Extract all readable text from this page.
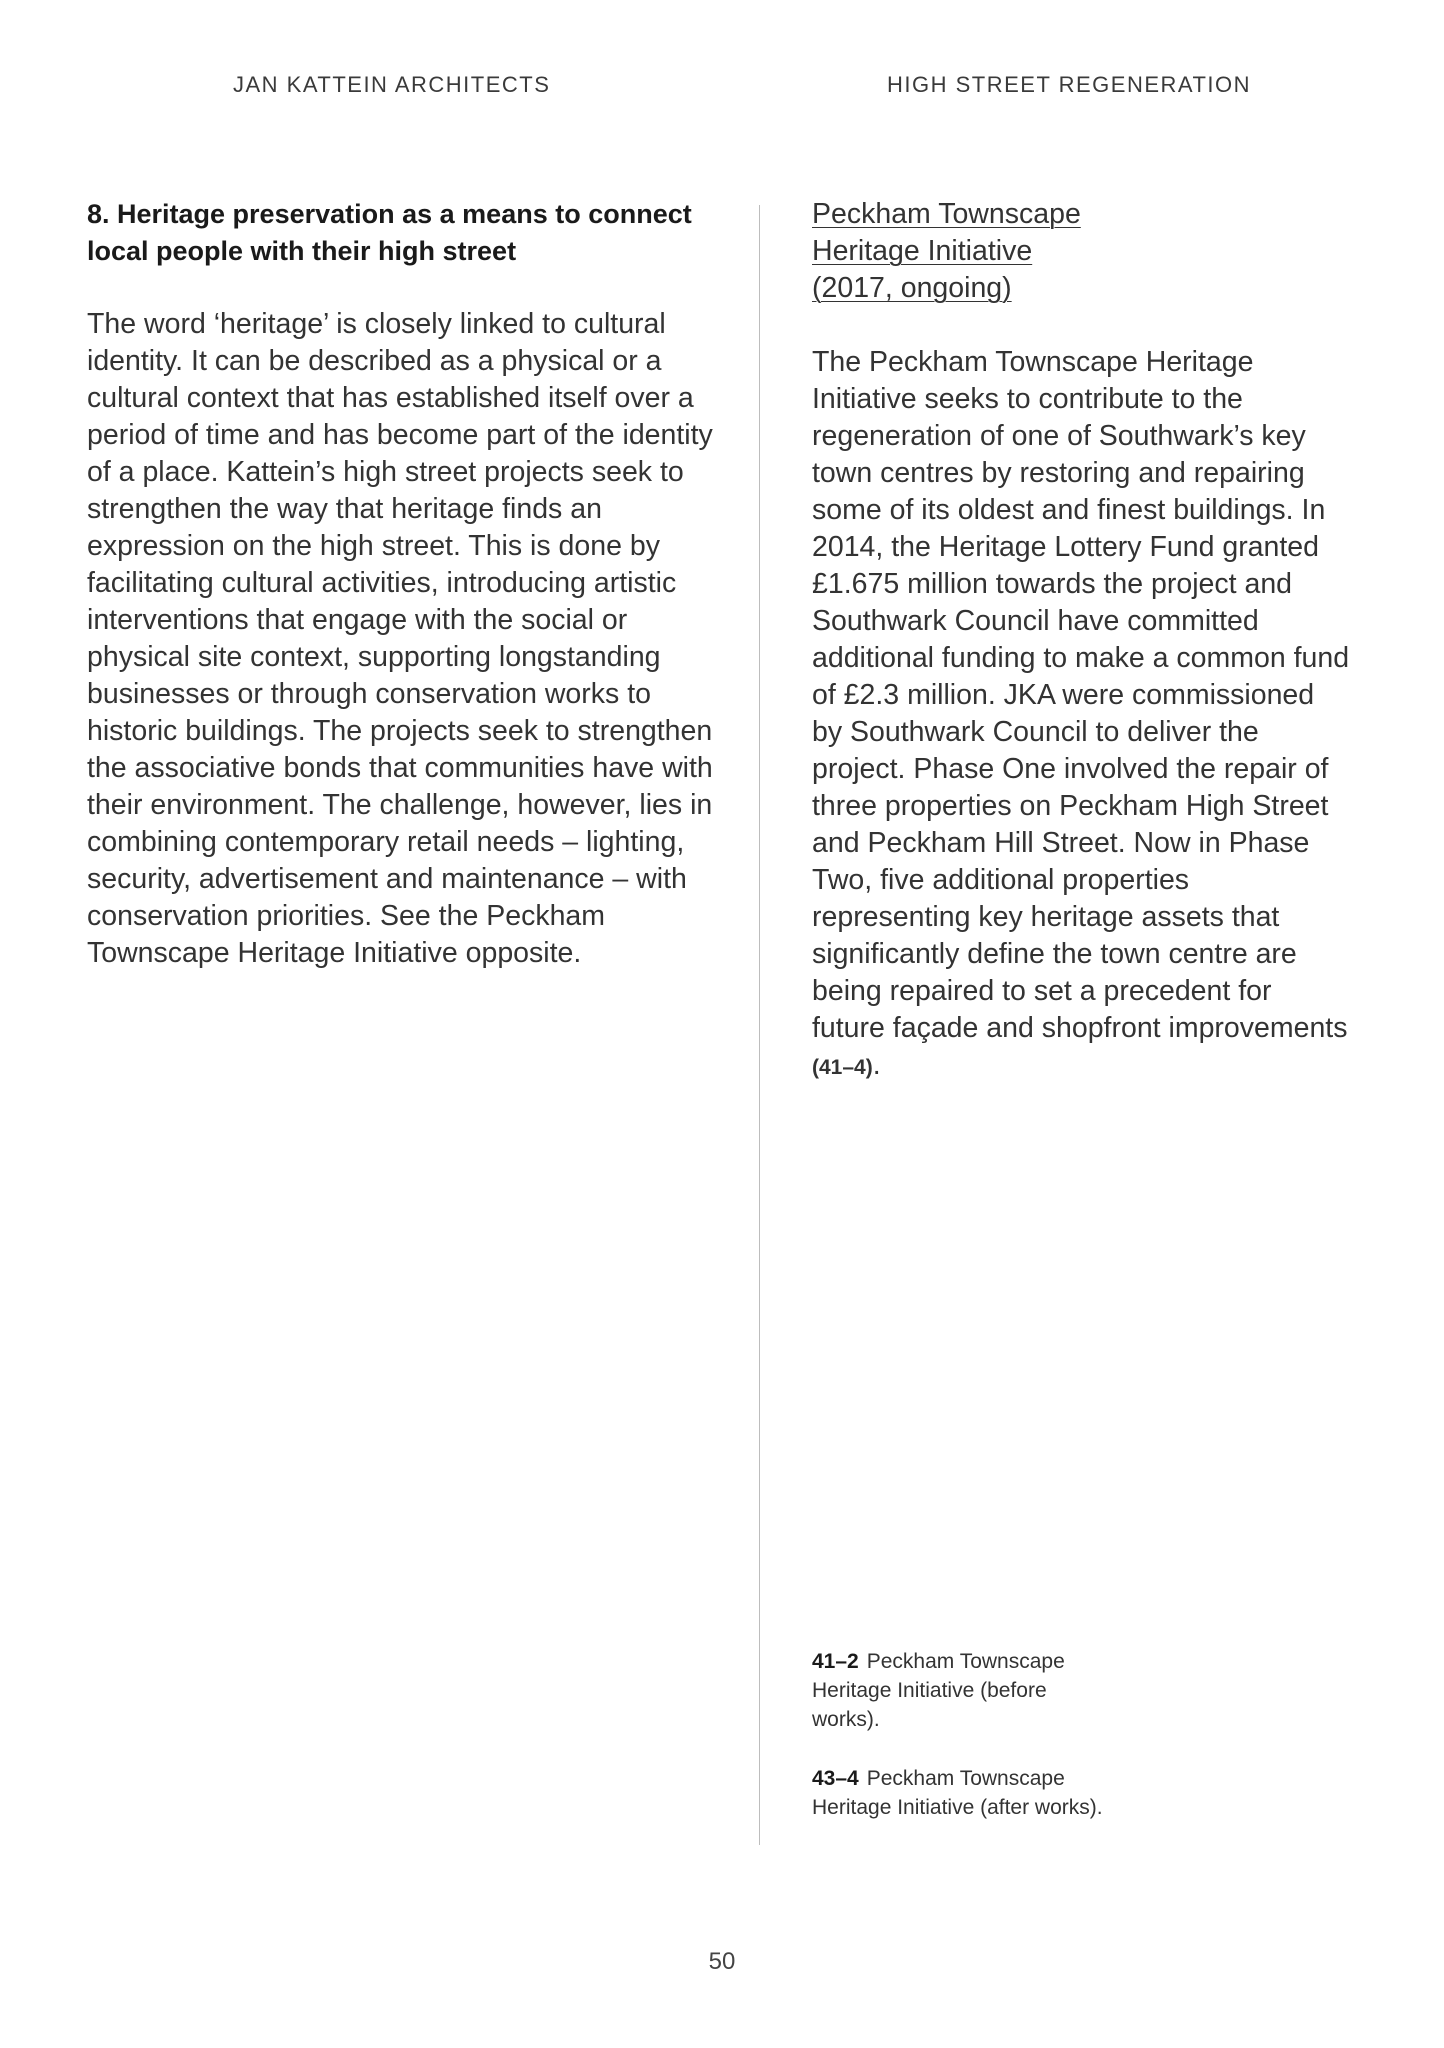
JAN KATTEIN ARCHITECTS	HIGH STREET REGENERATION
8. Heritage preservation as a means to connect local people with their high street

The word ‘heritage’ is closely linked to cultural identity. It can be described as a physical or a cultural context that has established itself over a period of time and has become part of the identity of a place. Kattein’s high street projects seek to strengthen the way that heritage finds an expression on the high street. This is done by facilitating cultural activities, introducing artistic interventions that engage with the social or physical site context, supporting longstanding businesses or through conservation works to historic buildings. The projects seek to strengthen the associative bonds that communities have with their environment. The challenge, however, lies in combining contemporary retail needs – lighting, security, advertisement and maintenance – with conservation priorities. See the Peckham Townscape Heritage Initiative opposite.

Peckham Townscape
Heritage Initiative
(2017, ongoing)

The Peckham Townscape Heritage Initiative seeks to contribute to the regeneration of one of Southwark’s key town centres by restoring and repairing some of its oldest and finest buildings. In 2014, the Heritage Lottery Fund granted £1.675 million towards the project and Southwark Council have committed additional funding to make a common fund of £2.3 million. JKA were commissioned by Southwark Council to deliver the project. Phase One involved the repair of three properties on Peckham High Street and Peckham Hill Street. Now in Phase Two, five additional properties representing key heritage assets that significantly define the town centre are being repaired to set a precedent for future façade and shopfront improvements (41–4).

41–2 Peckham Townscape Heritage Initiative (before works).

43–4 Peckham Townscape Heritage Initiative (after works).

50
